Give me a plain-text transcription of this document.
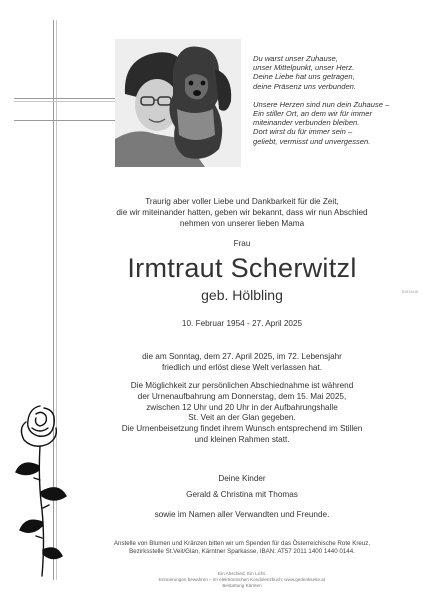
Du warst unser Zuhause,
unser Mittelpunkt, unser Herz.
Deine Liebe hat uns getragen,
deine Präsenz uns verbunden.

Unsere Herzen sind nun dein Zuhause –
Ein stiller Ort, an dem wir für immer
miteinander verbunden bleiben.
Dort wirst du für immer sein –
geliebt, vermisst und unvergessen.

Traurig aber voller Liebe und Dankbarkeit für die Zeit,
die wir miteinander hatten, geben wir bekannt, dass wir nun Abschied
nehmen von unserer lieben Mama
Frau
Irmtraut Scherwitzl
geb. Hölbling
10. Februar 1954 - 27. April 2025
die am Sonntag, dem 27. April 2025, im 72. Lebensjahr
friedlich und erlöst diese Welt verlassen hat.
Die Möglichkeit zur persönlichen Abschiednahme ist während
der Urnenaufbahrung am Donnerstag, dem 15. Mai 2025,
zwischen 12 Uhr und 20 Uhr in der Aufbahrungshalle
St. Veit an der Glan gegeben.
Die Urnenbeisetzung findet ihrem Wunsch entsprechend im Stillen
und kleinen Rahmen statt.
Deine Kinder
Gerald & Christina mit Thomas
sowie im Namen aller Verwandten und Freunde.
Anstelle von Blumen und Kränzen bitten wir um Spenden für das Österreichische Rote Kreuz,
Bezirksstelle St.Veit/Glan, Kärntner Sparkasse, IBAN: AT57 2011 1400 1440 0144.
Ein Abschied. Ein Licht.
Erinnerungen bewahren – im elektronischen Kondolenzbuch: www.gedenkseite.at
Bestattung Kärnten
R1874418
